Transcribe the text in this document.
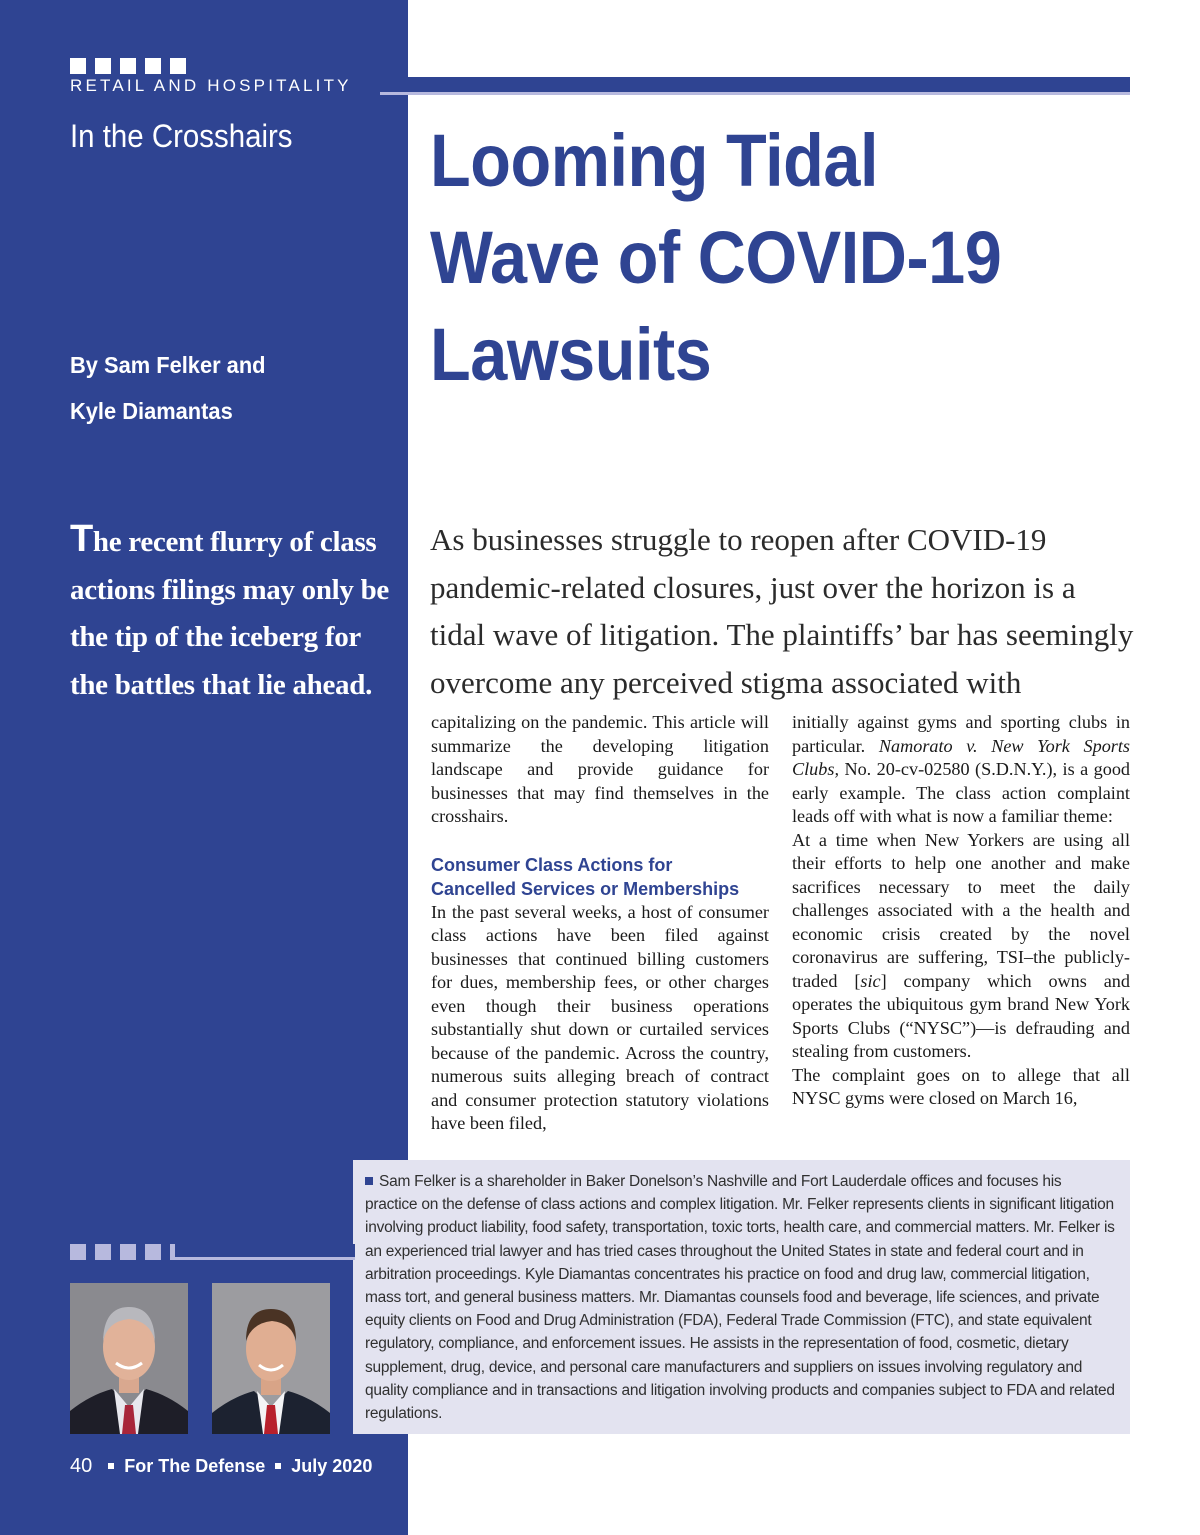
RETAIL AND HOSPITALITY
In the Crosshairs Looming Tidal
Wave of COVID-19
Lawsuits
By Sam Felker and
Kyle Diamantas
The recent flurry of class actions filings may only be the tip of the iceberg for the battles that lie ahead.
As businesses struggle to reopen after COVID-19
pandemic-related closures, just over the horizon is a
tidal wave of litigation. The plaintiffs’ bar has seemingly
overcome any perceived stigma associated with

capitalizing on the pandemic. This article will summarize the developing litigation landscape and provide guidance for businesses that may find themselves in the crosshairs.

Consumer Class Actions for
Cancelled Services or Memberships

In the past several weeks, a host of consumer class actions have been filed against businesses that continued billing customers for dues, membership fees, or other charges even though their business operations substantially shut down or curtailed services because of the pandemic. Across the country, numerous suits alleging breach of contract and consumer protection statutory violations have been filed,

initially against gyms and sporting clubs in particular. Namorato v. New York Sports Clubs, No. 20-cv-02580 (S.D.N.Y.), is a good early example. The class action complaint leads off with what is now a familiar theme:

At a time when New Yorkers are using all their efforts to help one another and make sacrifices necessary to meet the daily challenges associated with a the health and economic crisis created by the novel coronavirus are suffering, TSI–the publicly-traded [sic] company which owns and operates the ubiquitous gym brand New York Sports Clubs (“NYSC”)—is defrauding and stealing from customers.

The complaint goes on to allege that all NYSC gyms were closed on March 16,

Sam Felker is a shareholder in Baker Donelson’s Nashville and Fort Lauderdale offices and focuses his practice on the defense of class actions and complex litigation. Mr. Felker represents clients in significant litigation involving product liability, food safety, transportation, toxic torts, health care, and commercial matters. Mr. Felker is an experienced trial lawyer and has tried cases throughout the United States in state and federal court and in arbitration proceedings. Kyle Diamantas concentrates his practice on food and drug law, commercial litigation, mass tort, and general business matters. Mr. Diamantas counsels food and beverage, life sciences, and private equity clients on Food and Drug Administration (FDA), Federal Trade Commission (FTC), and state equivalent regulatory, compliance, and enforcement issues. He assists in the representation of food, cosmetic, dietary supplement, drug, device, and personal care manufacturers and suppliers on issues involving regulatory and quality compliance and in transactions and litigation involving products and companies subject to FDA and related regulations.
40 For The Defense July 2020
